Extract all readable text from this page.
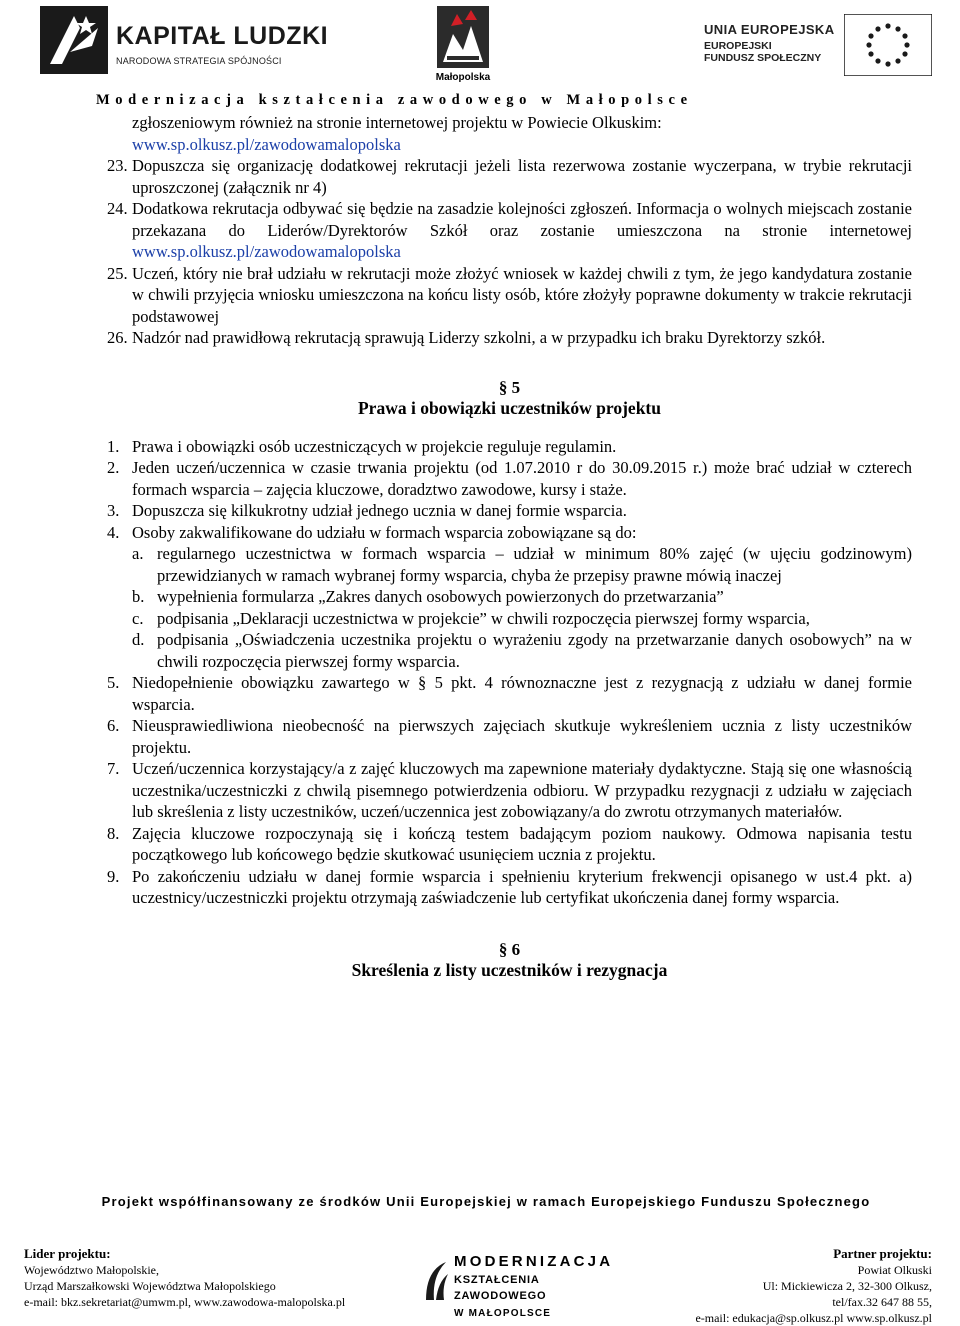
KAPITAŁ LUDZKI
NARODOWA STRATEGIA SPÓJNOŚCI
Małopolska
UNIA EUROPEJSKA
EUROPEJSKI
FUNDUSZ SPOŁECZNY
Modernizacja kształcenia zawodowego w Małopolsce
zgłoszeniowym również na stronie internetowej projektu w Powiecie Olkuskim:
www.sp.olkusz.pl/zawodowamalopolska
23. Dopuszcza się organizację dodatkowej rekrutacji jeżeli lista rezerwowa zostanie wyczerpana, w trybie rekrutacji uproszczonej (załącznik nr 4)
24. Dodatkowa rekrutacja odbywać się będzie na zasadzie kolejności zgłoszeń. Informacja o wolnych miejscach zostanie przekazana do Liderów/Dyrektorów Szkół oraz zostanie umieszczona na stronie internetowej www.sp.olkusz.pl/zawodowamalopolska
25. Uczeń, który nie brał udziału w rekrutacji może złożyć wniosek w każdej chwili z tym, że jego kandydatura zostanie w chwili przyjęcia wniosku umieszczona na końcu listy osób, które złożyły poprawne dokumenty w trakcie rekrutacji podstawowej
26. Nadzór nad prawidłową rekrutacją sprawują Liderzy szkolni, a w przypadku ich braku Dyrektorzy szkół.
§ 5
Prawa i obowiązki uczestników projektu
1. Prawa i obowiązki osób uczestniczących w projekcie reguluje regulamin.
2. Jeden uczeń/uczennica w czasie trwania projektu (od 1.07.2010 r do 30.09.2015 r.) może brać udział w czterech formach wsparcia – zajęcia kluczowe, doradztwo zawodowe, kursy i staże.
3. Dopuszcza się kilkukrotny udział jednego ucznia w danej formie wsparcia.
4. Osoby zakwalifikowane do udziału w formach wsparcia zobowiązane są do:
a. regularnego uczestnictwa w formach wsparcia – udział w minimum 80% zajęć (w ujęciu godzinowym) przewidzianych w ramach wybranej formy wsparcia, chyba że przepisy prawne mówią inaczej
b. wypełnienia formularza „Zakres danych osobowych powierzonych do przetwarzania”
c. podpisania „Deklaracji uczestnictwa w projekcie” w chwili rozpoczęcia pierwszej formy wsparcia,
d. podpisania „Oświadczenia uczestnika projektu o wyrażeniu zgody na przetwarzanie danych osobowych” na w chwili rozpoczęcia pierwszej formy wsparcia.
5. Niedopełnienie obowiązku zawartego w § 5 pkt. 4 równoznaczne jest z rezygnacją z udziału w danej formie wsparcia.
6. Nieusprawiedliwiona nieobecność na pierwszych zajęciach skutkuje wykreśleniem ucznia z listy uczestników projektu.
7. Uczeń/uczennica korzystający/a z zajęć kluczowych ma zapewnione materiały dydaktyczne. Stają się one własnością uczestnika/uczestniczki z chwilą pisemnego potwierdzenia odbioru. W przypadku rezygnacji z udziału w zajęciach lub skreślenia z listy uczestników, uczeń/uczennica jest zobowiązany/a do zwrotu otrzymanych materiałów.
8. Zajęcia kluczowe rozpoczynają się i kończą testem badającym poziom naukowy. Odmowa napisania testu początkowego lub końcowego będzie skutkować usunięciem ucznia z projektu.
9. Po zakończeniu udziału w danej formie wsparcia i spełnieniu kryterium frekwencji opisanego w ust.4 pkt. a) uczestnicy/uczestniczki projektu otrzymają zaświadczenie lub certyfikat ukończenia danej formy wsparcia.
§ 6
Skreślenia z listy uczestników i rezygnacja
Projekt współfinansowany ze środków Unii Europejskiej w ramach Europejskiego Funduszu Społecznego
Lider projektu:
Województwo Małopolskie,
Urząd Marszałkowski Województwa Małopolskiego
e-mail: bkz.sekretariat@umwm.pl, www.zawodowa-malopolska.pl
MODERNIZACJA
KSZTAŁCENIA ZAWODOWEGO
W MAŁOPOLSCE
Partner projektu:
Powiat Olkuski
Ul: Mickiewicza 2, 32-300 Olkusz,
tel/fax.32 647 88 55,
e-mail: edukacja@sp.olkusz.pl www.sp.olkusz.pl
